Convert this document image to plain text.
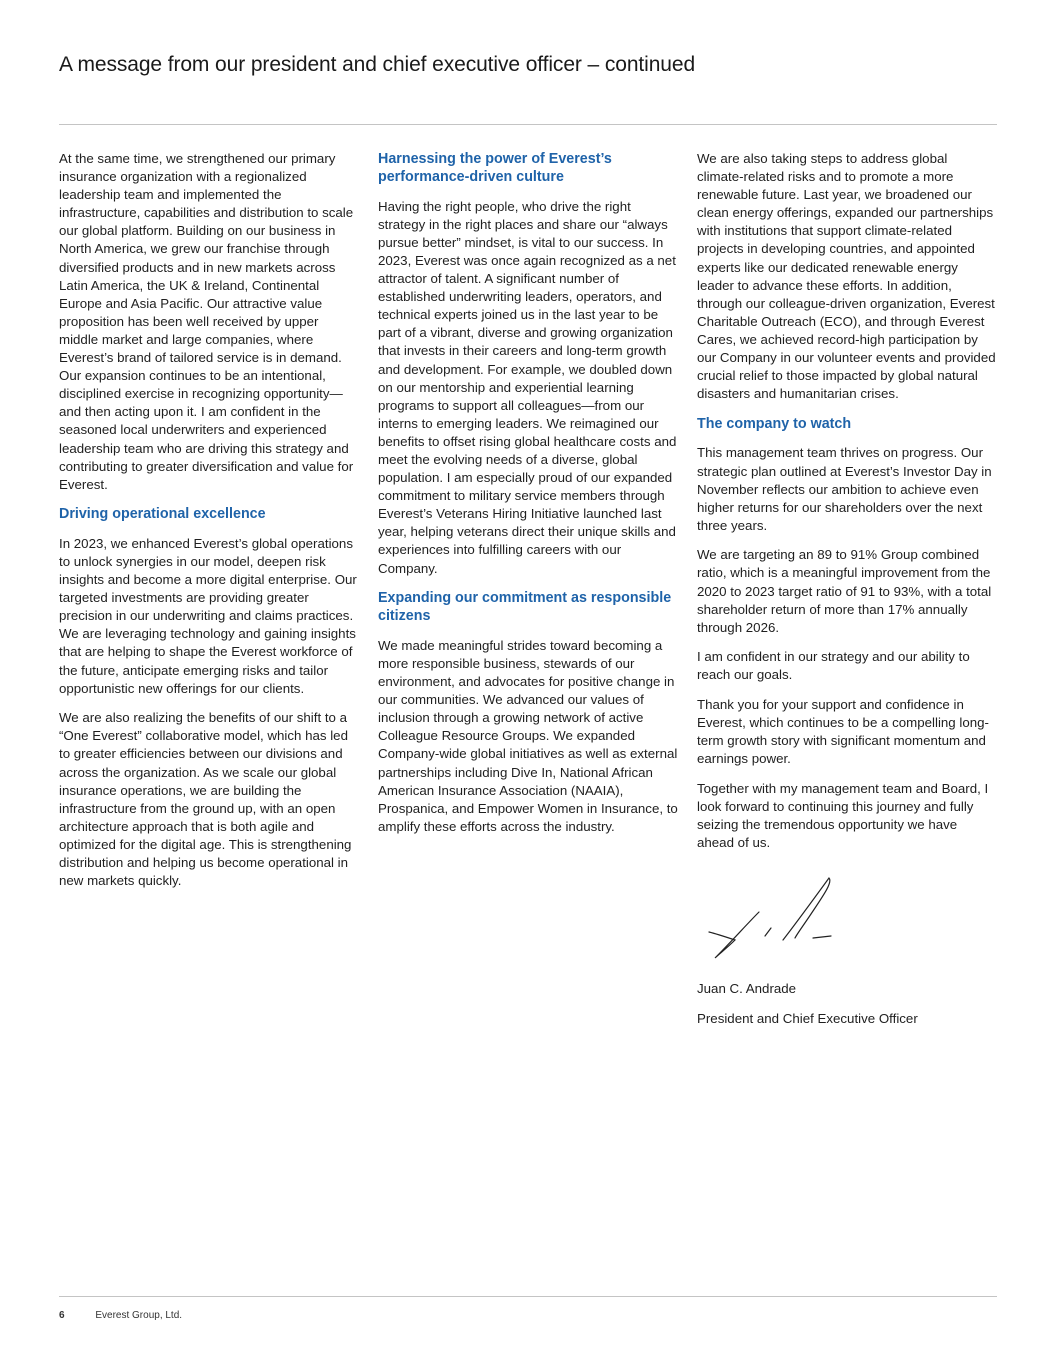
A message from our president and chief executive officer – continued

At the same time, we strengthened our primary insurance organization with a regionalized leadership team and implemented the infrastructure, capabilities and distribution to scale our global platform. Building on our business in North America, we grew our franchise through diversified products and in new markets across Latin America, the UK & Ireland, Continental Europe and Asia Pacific. Our attractive value proposition has been well received by upper middle market and large companies, where Everest’s brand of tailored service is in demand. Our expansion continues to be an intentional, disciplined exercise in recognizing opportunity—and then acting upon it. I am confident in the seasoned local underwriters and experienced leadership team who are driving this strategy and contributing to greater diversification and value for Everest.

Driving operational excellence

In 2023, we enhanced Everest’s global operations to unlock synergies in our model, deepen risk insights and become a more digital enterprise. Our targeted investments are providing greater precision in our underwriting and claims practices. We are leveraging technology and gaining insights that are helping to shape the Everest workforce of the future, anticipate emerging risks and tailor opportunistic new offerings for our clients.

We are also realizing the benefits of our shift to a “One Everest” collaborative model, which has led to greater efficiencies between our divisions and across the organization. As we scale our global insurance operations, we are building the infrastructure from the ground up, with an open architecture approach that is both agile and optimized for the digital age. This is strengthening distribution and helping us become operational in new markets quickly.

Harnessing the power of Everest’s performance-driven culture

Having the right people, who drive the right strategy in the right places and share our “always pursue better” mindset, is vital to our success. In 2023, Everest was once again recognized as a net attractor of talent. A significant number of established underwriting leaders, operators, and technical experts joined us in the last year to be part of a vibrant, diverse and growing organization that invests in their careers and long-term growth and development. For example, we doubled down on our mentorship and experiential learning programs to support all colleagues—from our interns to emerging leaders. We reimagined our benefits to offset rising global healthcare costs and meet the evolving needs of a diverse, global population. I am especially proud of our expanded commitment to military service members through Everest’s Veterans Hiring Initiative launched last year, helping veterans direct their unique skills and experiences into fulfilling careers with our Company.

Expanding our commitment as responsible citizens

We made meaningful strides toward becoming a more responsible business, stewards of our environment, and advocates for positive change in our communities. We advanced our values of inclusion through a growing network of active Colleague Resource Groups. We expanded Company-wide global initiatives as well as external partnerships including Dive In, National African American Insurance Association (NAAIA), Prospanica, and Empower Women in Insurance, to amplify these efforts across the industry.

We are also taking steps to address global climate-related risks and to promote a more renewable future. Last year, we broadened our clean energy offerings, expanded our partnerships with institutions that support climate-related projects in developing countries, and appointed experts like our dedicated renewable energy leader to advance these efforts. In addition, through our colleague-driven organization, Everest Charitable Outreach (ECO), and through Everest Cares, we achieved record-high participation by our Company in our volunteer events and provided crucial relief to those impacted by global natural disasters and humanitarian crises.

The company to watch

This management team thrives on progress. Our strategic plan outlined at Everest’s Investor Day in November reflects our ambition to achieve even higher returns for our shareholders over the next three years.

We are targeting an 89 to 91% Group combined ratio, which is a meaningful improvement from the 2020 to 2023 target ratio of 91 to 93%, with a total shareholder return of more than 17% annually through 2026.

I am confident in our strategy and our ability to reach our goals.

Thank you for your support and confidence in Everest, which continues to be a compelling long-term growth story with significant momentum and earnings power.

Together with my management team and Board, I look forward to continuing this journey and fully seizing the tremendous opportunity we have ahead of us.

Juan C. Andrade

President and Chief Executive Officer

6	Everest Group, Ltd.
